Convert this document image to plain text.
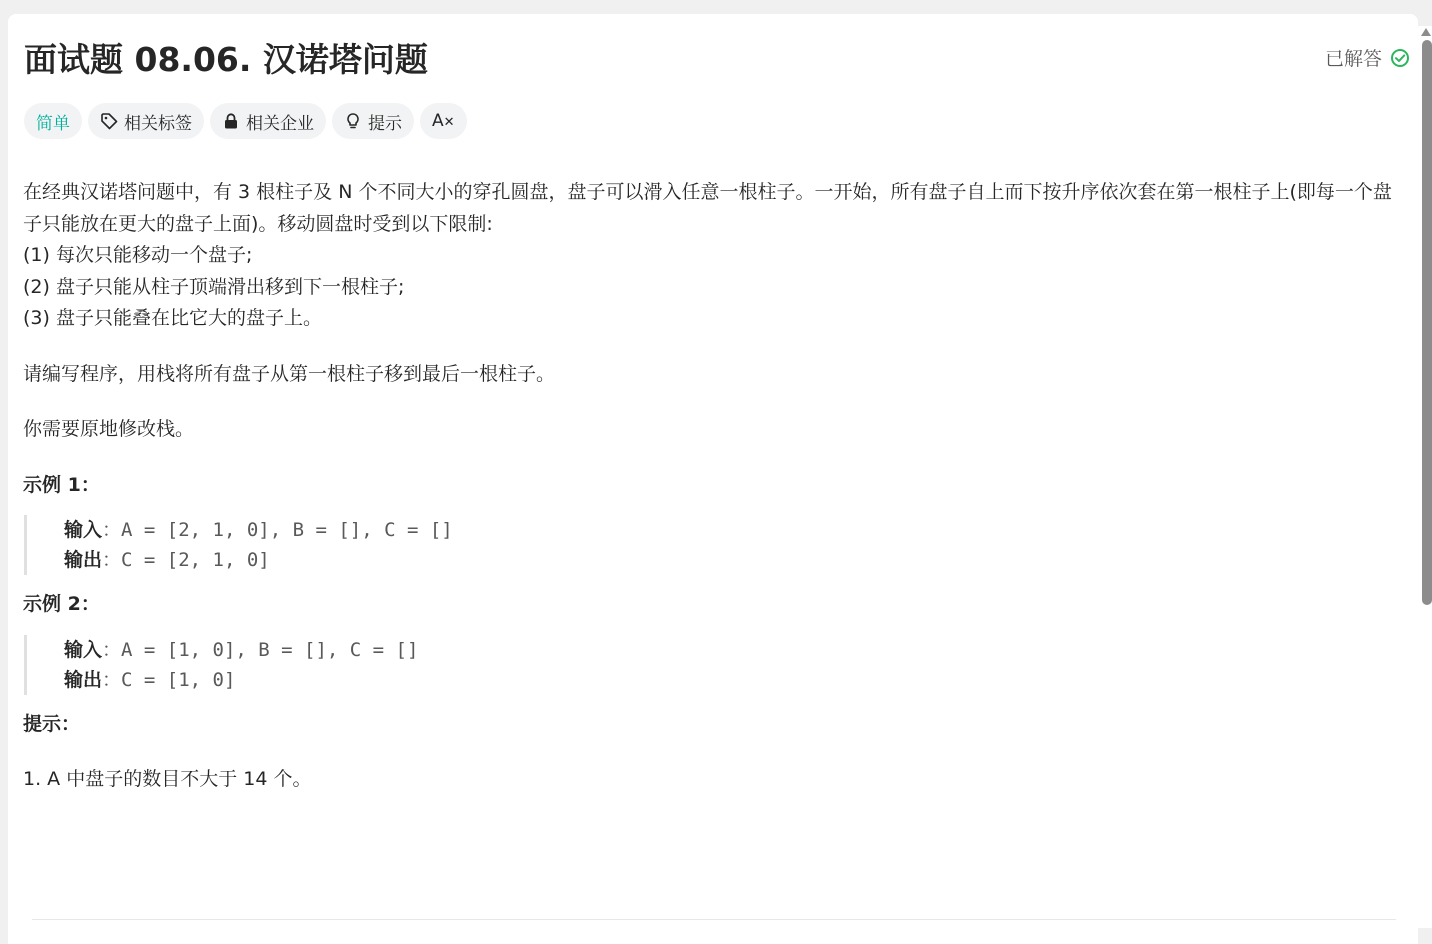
面试题 08.06. 汉诺塔问题	已解答
简单	相关标签	相关企业	提示 A✕

在经典汉诺塔问题中，有 3 根柱子及 N 个不同大小的穿孔圆盘，盘子可以滑入任意一根柱子。一开始，所有盘子自上而下按升序依次套在第一根柱子上(即每一个盘子只能放在更大的盘子上面)。移动圆盘时受到以下限制:

(1) 每次只能移动一个盘子;

(2) 盘子只能从柱子顶端滑出移到下一根柱子;

(3) 盘子只能叠在比它大的盘子上。

请编写程序，用栈将所有盘子从第一根柱子移到最后一根柱子。

你需要原地修改栈。

示例 1：

输入：A = [2, 1, 0], B = [], C = []
输出：C = [2, 1, 0]

示例 2：

输入：A = [1, 0], B = [], C = []
输出：C = [1, 0]

提示：

1. A 中盘子的数目不大于 14 个。
